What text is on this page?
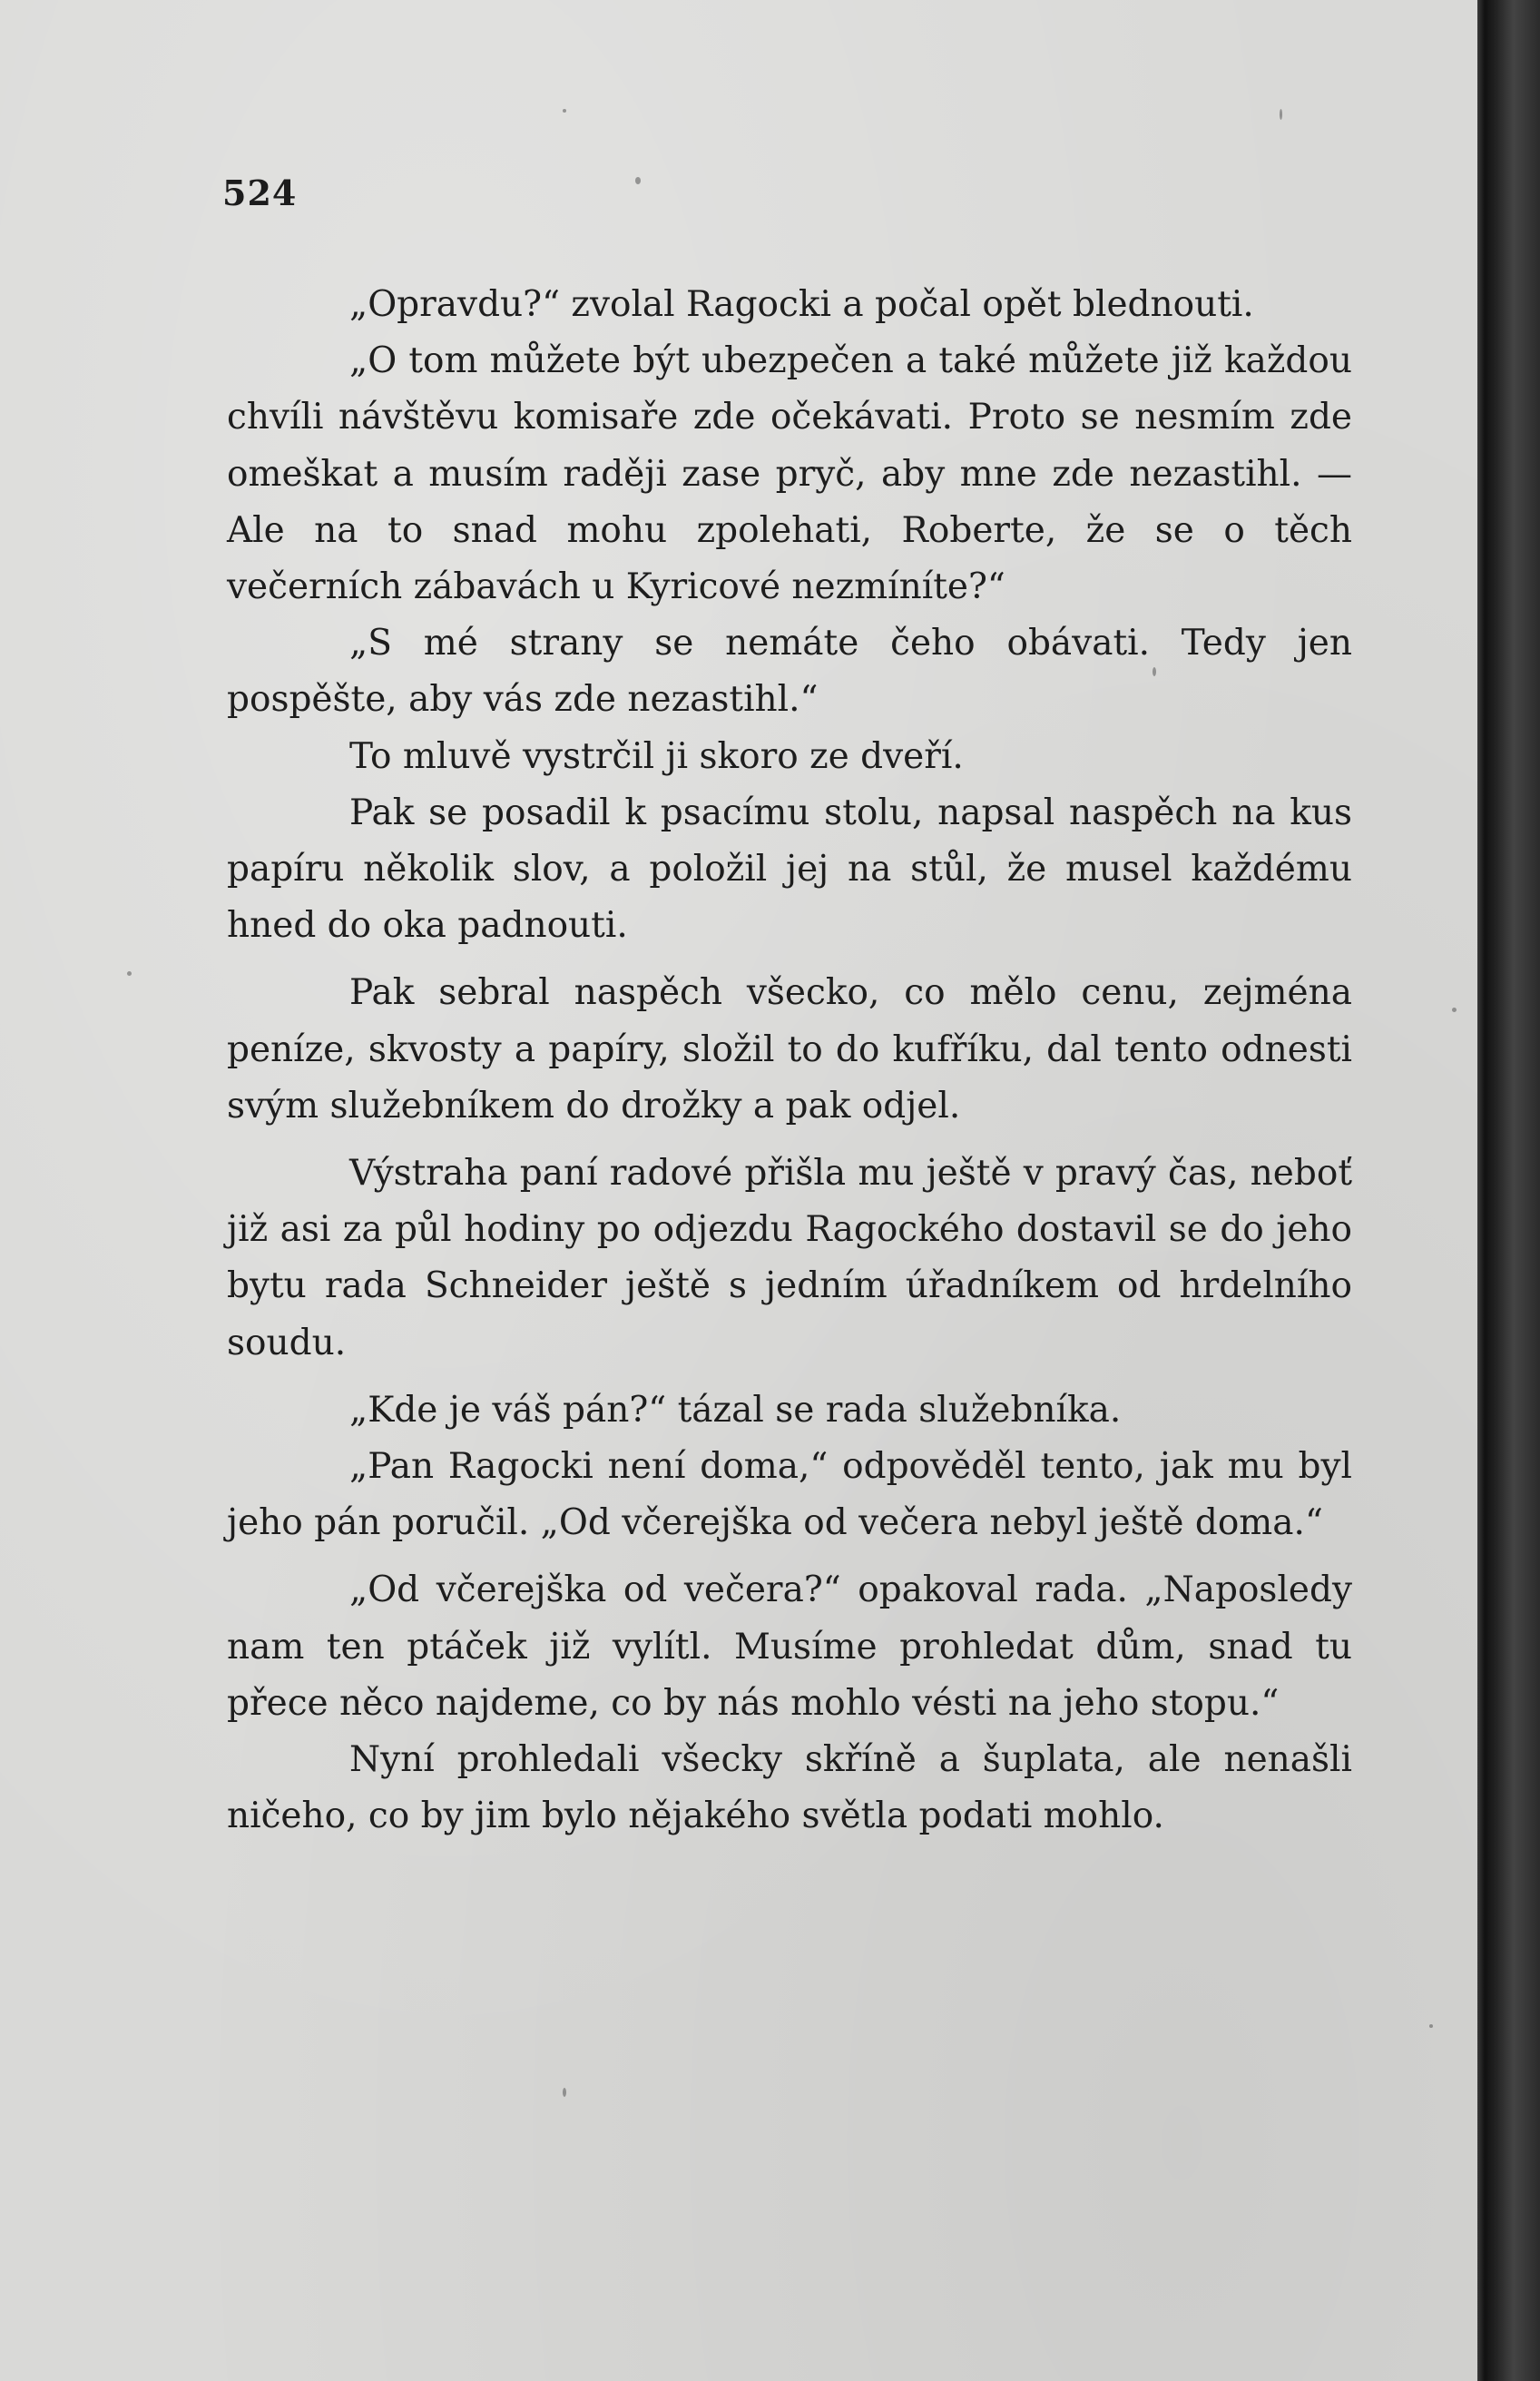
524

„Opravdu?“ zvolal Ragocki a počal opět blednouti.

„O tom můžete být ubezpečen a také můžete již každou chvíli návštěvu komisaře zde očekávati. Proto se nesmím zde omeškat a musím raději zase pryč, aby mne zde nezastihl. — Ale na to snad mohu zpolehati, Roberte, že se o těch večerních zábavách u Kyricové nezmíníte?“

„S mé strany se nemáte čeho obávati. Tedy jen pospěšte, aby vás zde nezastihl.“

To mluvě vystrčil ji skoro ze dveří.

Pak se posadil k psacímu stolu, napsal naspěch na kus papíru několik slov, a položil jej na stůl, že musel každému hned do oka padnouti.

Pak sebral naspěch všecko, co mělo cenu, zejména peníze, skvosty a papíry, složil to do kufříku, dal tento odnesti svým služebníkem do drožky a pak odjel.

Výstraha paní radové přišla mu ještě v pravý čas, neboť již asi za půl hodiny po odjezdu Ragockého dostavil se do jeho bytu rada Schneider ještě s jedním úřadníkem od hrdelního soudu.

„Kde je váš pán?“ tázal se rada služebníka.

„Pan Ragocki není doma,“ odpověděl tento, jak mu byl jeho pán poručil. „Od včerejška od večera nebyl ještě doma.“

„Od včerejška od večera?“ opakoval rada. „Naposledy nam ten ptáček již vylítl. Musíme prohledat dům, snad tu přece něco najdeme, co by nás mohlo vésti na jeho stopu.“

Nyní prohledali všecky skříně a šuplata, ale nenašli ničeho, co by jim bylo nějakého světla podati mohlo.
